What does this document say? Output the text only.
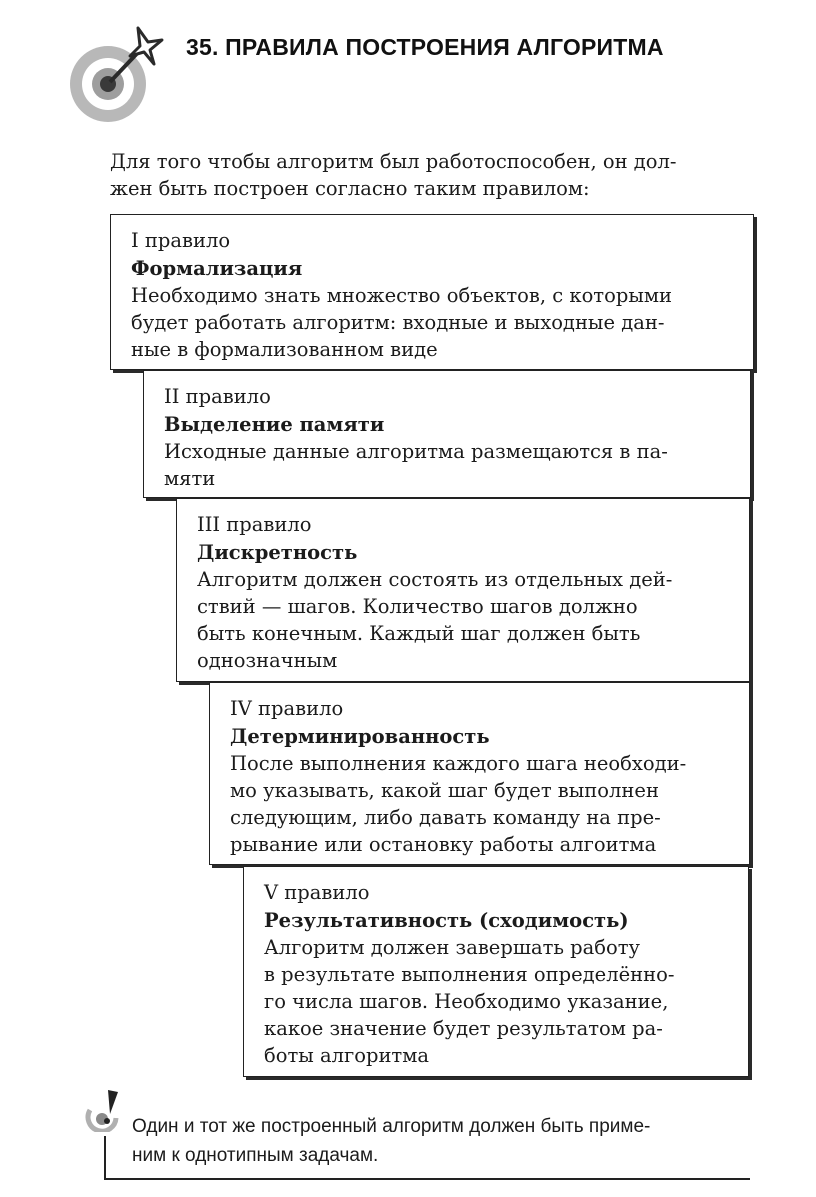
35. ПРАВИЛА ПОСТРОЕНИЯ АЛГОРИТМА

Для того чтобы алгоритм был работоспособен, он дол-
жен быть построен согласно таким правилом:

I правило
Формализация
Необходимо знать множество объектов, с которыми
будет работать алгоритм: входные и выходные дан-
ные в формализованном виде
II правило
Выделение памяти
Исходные данные алгоритма размещаются в па-
мяти
III правило
Дискретность
Алгоритм должен состоять из отдельных дей-
ствий — шагов. Количество шагов должно
быть конечным. Каждый шаг должен быть
однозначным
IV правило
Детерминированность
После выполнения каждого шага необходи-
мо указывать, какой шаг будет выполнен
следующим, либо давать команду на пре-
рывание или остановку работы алгоитма
V правило
Результативность (сходимость)
Алгоритм должен завершать работу
в результате выполнения определённо-
го числа шагов. Необходимо указание,
какое значение будет результатом ра-
боты алгоритма
Один и тот же построенный алгоритм должен быть приме-
ним к однотипным задачам.
